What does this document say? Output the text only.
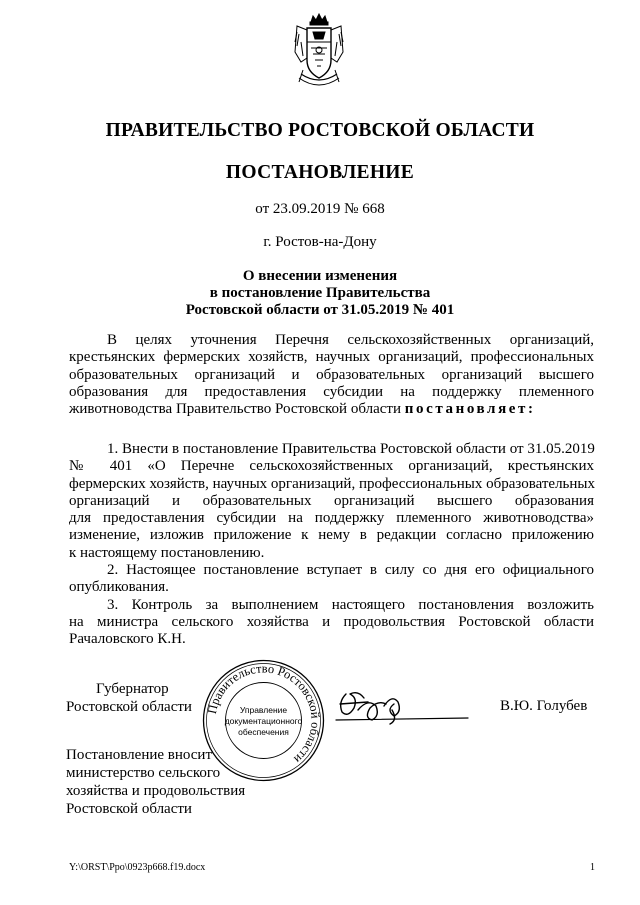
ПРАВИТЕЛЬСТВО РОСТОВСКОЙ ОБЛАСТИ
ПОСТАНОВЛЕНИЕ
от 23.09.2019 № 668
г. Ростов-на-Дону
О внесении изменения
в постановление Правительства
Ростовской области от 31.05.2019 № 401
В целях уточнения Перечня сельскохозяйственных организаций,
крестьянских фермерских хозяйств, научных организаций, профессиональных
образовательных организаций и образовательных организаций высшего
образования для предоставления субсидии на поддержку племенного
животноводства Правительство Ростовской области постановляет:
1. Внести в постановление Правительства Ростовской области от 31.05.2019
№ 401 «О Перечне сельскохозяйственных организаций, крестьянских
фермерских хозяйств, научных организаций, профессиональных образовательных
организаций и образовательных организаций высшего образования
для предоставления субсидии на поддержку племенного животноводства»
изменение, изложив приложение к нему в редакции согласно приложению
к настоящему постановлению.
2. Настоящее постановление вступает в силу со дня его официального
опубликования.
3. Контроль за выполнением настоящего постановления возложить
на министра сельского хозяйства и продовольствия Ростовской области
Рачаловского К.Н.
Губернатор
Ростовской области Правительство Ростовской области
Управление
документационного
обеспечения
В.Ю. Голубев
Постановление вносит
министерство сельского
хозяйства и продовольствия
Ростовской области
Y:\ORST\Ppo\0923p668.f19.docx	1
